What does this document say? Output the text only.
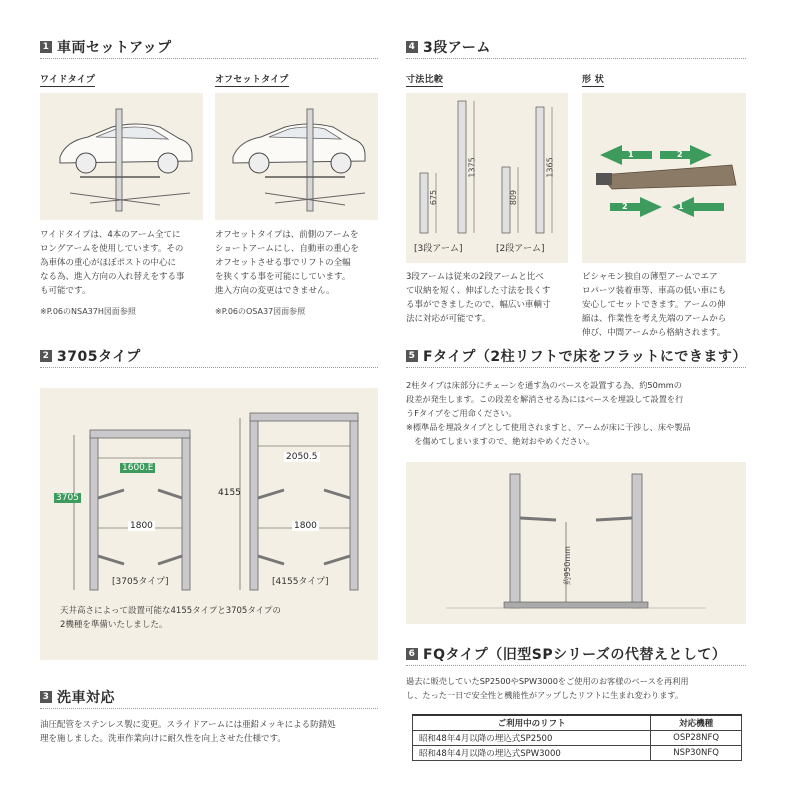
1 車両セットアップ
ワイドタイプ	オフセットタイプ
ワイドタイプは、4本のアーム全てに
ロングアームを使用しています。その
為車体の重心がほぼポストの中心に
なる為、進入方向の入れ替えをする事
も可能です。
※P.06のNSA37H図面参照
オフセットタイプは、前側のアームを
ショートアームにし、自動車の重心を
オフセットさせる事でリフトの全幅
を狭くする事を可能にしています。
進入方向の変更はできません。
※P.06のOSA37図面参照
2 3705タイプ
3705
1600.E
1800
4155
2050.5
1800
[3705タイプ]	[4155タイプ]
天井高さによって設置可能な4155タイプと3705タイプの
2機種を準備いたしました。
3 洗車対応
油圧配管をステンレス製に変更。スライドアームには亜鉛メッキによる防錆処
理を施しました。洗車作業向けに耐久性を向上させた仕様です。
4 3段アーム
寸法比較	形 状
675
1375
809
1365
[3段アーム]	[2段アーム]
1	2
2	1
3段アームは従来の2段アームと比べ
て収納を短く、伸ばした寸法を長くす
る事ができましたので、幅広い車輌寸
法に対応が可能です。
ビシャモン独自の薄型アームでエア
ロパーツ装着車等、車高の低い車にも
安心してセットできます。アームの伸
縮は、作業性を考え先端のアームから
伸び、中間アームから格納されます。
5 Fタイプ（2柱リフトで床をフラットにできます）
2柱タイプは床部分にチェーンを通す為のベースを設置する為、約50mmの
段差が発生します。この段差を解消させる為にはベースを埋設して設置を行
うFタイプをご用命ください。
※標準品を埋設タイプとして使用されますと、アームが床に干渉し、床や製品
　を傷めてしまいますので、絶対おやめください。
約950mm
6 FQタイプ（旧型SPシリーズの代替えとして）
過去に販売していたSP2500やSPW3000をご使用のお客様のベースを再利用
し、たった一日で安全性と機能性がアップしたリフトに生まれ変わります。
ご利用中のリフト	対応機種
昭和48年4月以降の埋込式SP2500	OSP28NFQ
昭和48年4月以降の埋込式SPW3000	NSP30NFQ
